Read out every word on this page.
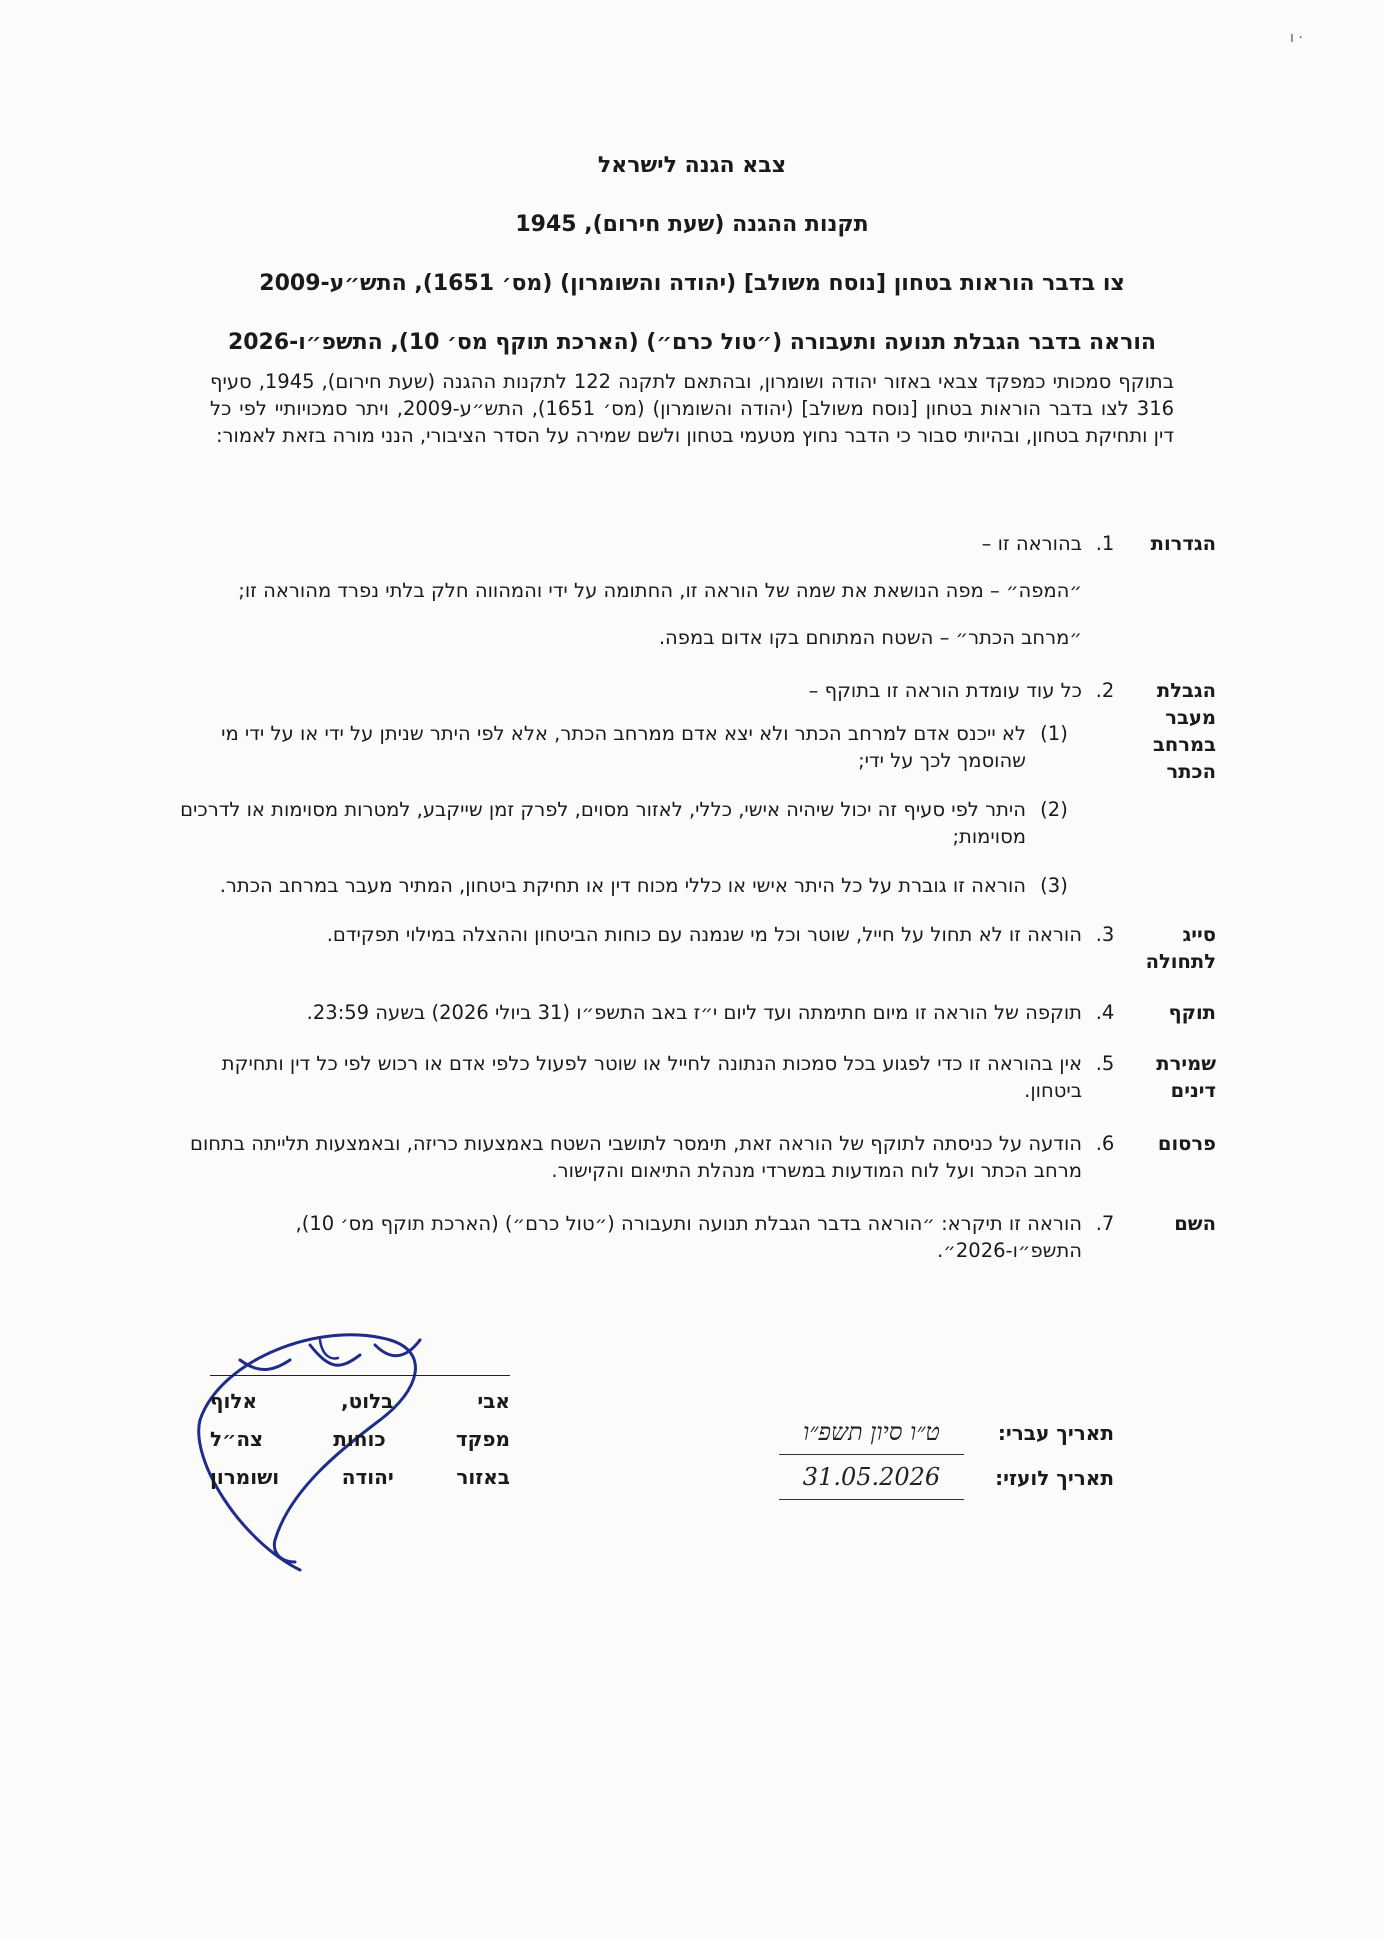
· ı
צבא הגנה לישראל
תקנות ההגנה (שעת חירום), 1945
צו בדבר הוראות בטחון [נוסח משולב] (יהודה והשומרון) (מס׳ 1651), התש״ע-2009
הוראה בדבר הגבלת תנועה ותעבורה (״טול כרם״) (הארכת תוקף מס׳ 10), התשפ״ו-2026
בתוקף סמכותי כמפקד צבאי באזור יהודה ושומרון, ובהתאם לתקנה 122 לתקנות ההגנה (שעת חירום), 1945, סעיף 316 לצו בדבר הוראות בטחון [נוסח משולב] (יהודה והשומרון) (מס׳ 1651), התש״ע-2009, ויתר סמכויותיי לפי כל דין ותחיקת בטחון, ובהיותי סבור כי הדבר נחוץ מטעמי בטחון ולשם שמירה על הסדר הציבורי, הנני מורה בזאת לאמור:
הגדרות
1.
בהוראה זו –
״המפה״ – מפה הנושאת את שמה של הוראה זו, החתומה על ידי והמהווה חלק בלתי נפרד מהוראה זו;
״מרחב הכתר״ – השטח המתוחם בקו אדום במפה.
הגבלת מעבר במרחב הכתר
2.
כל עוד עומדת הוראה זו בתוקף –
(1)
לא ייכנס אדם למרחב הכתר ולא יצא אדם ממרחב הכתר, אלא לפי היתר שניתן על ידי או על ידי מי שהוסמך לכך על ידי;
(2)
היתר לפי סעיף זה יכול שיהיה אישי, כללי, לאזור מסוים, לפרק זמן שייקבע, למטרות מסוימות או לדרכים מסוימות;
(3)
הוראה זו גוברת על כל היתר אישי או כללי מכוח דין או תחיקת ביטחון, המתיר מעבר במרחב הכתר.
סייג לתחולה
3.
הוראה זו לא תחול על חייל, שוטר וכל מי שנמנה עם כוחות הביטחון וההצלה במילוי תפקידם.
תוקף
4.
תוקפה של הוראה זו מיום חתימתה ועד ליום י״ז באב התשפ״ו (31 ביולי 2026) בשעה 23:59.
שמירת דינים
5.
אין בהוראה זו כדי לפגוע בכל סמכות הנתונה לחייל או שוטר לפעול כלפי אדם או רכוש לפי כל דין ותחיקת ביטחון.
פרסום
6.
הודעה על כניסתה לתוקף של הוראה זאת, תימסר לתושבי השטח באמצעות כריזה, ובאמצעות תלייתה בתחום מרחב הכתר ועל לוח המודעות במשרדי מנהלת התיאום והקישור.
השם
7.
הוראה זו תיקרא: ״הוראה בדבר הגבלת תנועה ותעבורה (״טול כרם״) (הארכת תוקף מס׳ 10), התשפ״ו-2026״.
אבי
בלוט,
אלוף
מפקד
כוחות
צה״ל
באזור
יהודה
ושומרון
תאריך עברי:
ט״ו סיון תשפ״ו
תאריך לועזי:
31.05.2026
